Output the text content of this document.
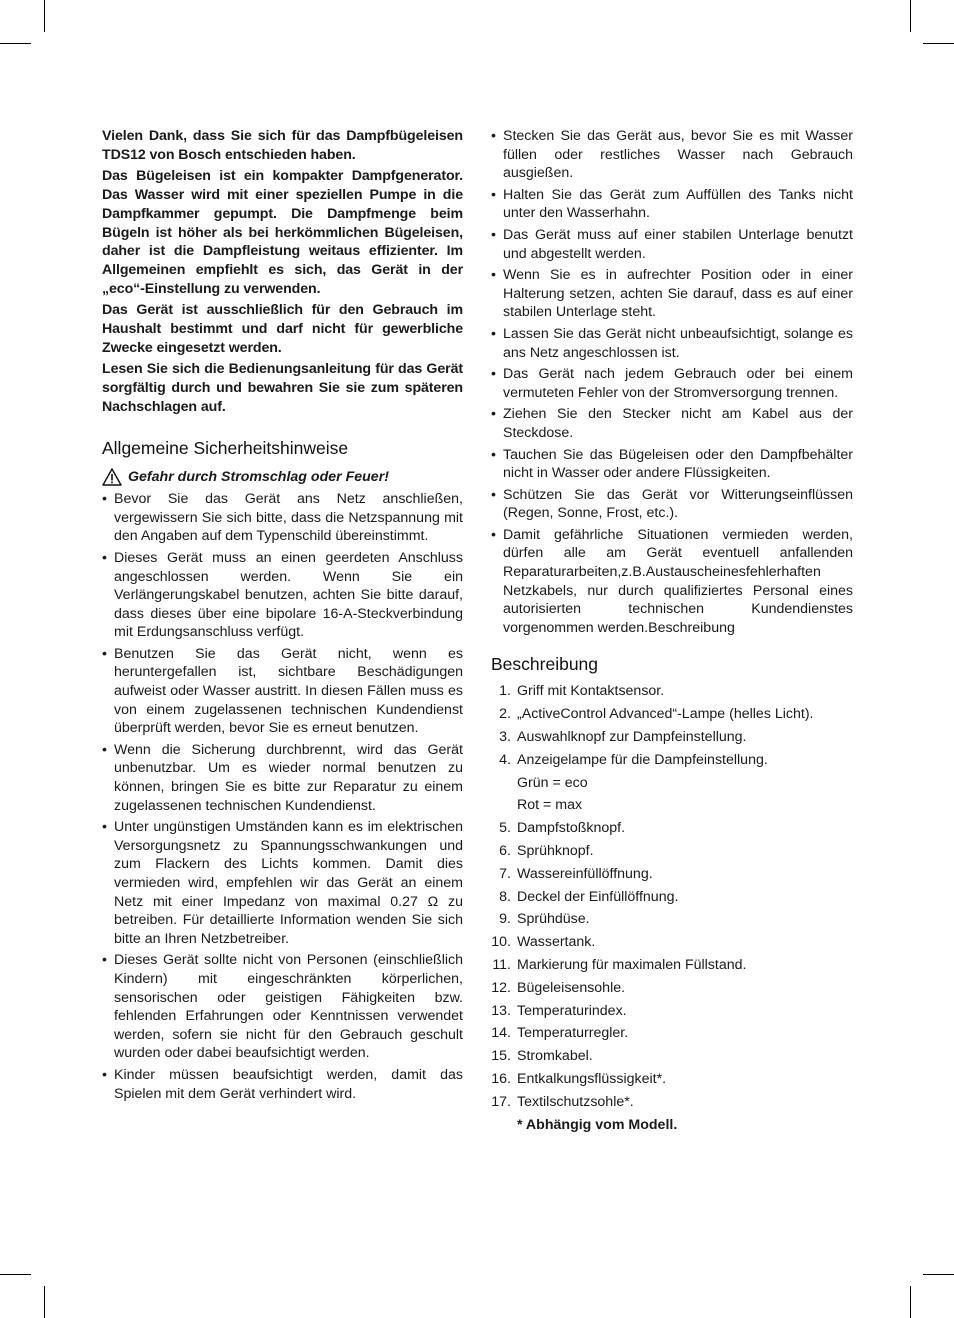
Vielen Dank, dass Sie sich für das Dampfbügeleisen TDS12 von Bosch entschieden haben.

Das Bügeleisen ist ein kompakter Dampfgenerator. Das Wasser wird mit einer speziellen Pumpe in die Dampfkammer gepumpt. Die Dampfmenge beim Bügeln ist höher als bei herkömmlichen Bügeleisen, daher ist die Dampfleistung weitaus effizienter. Im Allgemeinen empfiehlt es sich, das Gerät in der „eco“-Einstellung zu verwenden.

Das Gerät ist ausschließlich für den Gebrauch im Haushalt bestimmt und darf nicht für gewerbliche Zwecke eingesetzt werden.

Lesen Sie sich die Bedienungsanleitung für das Gerät sorgfältig durch und bewahren Sie sie zum späteren Nachschlagen auf.

Allgemeine Sicherheitshinweise
Gefahr durch Stromschlag oder Feuer!
• Bevor Sie das Gerät ans Netz anschließen, vergewissern Sie sich bitte, dass die Netzspannung mit den Angaben auf dem Typenschild übereinstimmt.
• Dieses Gerät muss an einen geerdeten Anschluss angeschlossen werden. Wenn Sie ein Verlängerungskabel benutzen, achten Sie bitte darauf, dass dieses über eine bipolare 16-A-Steckverbindung mit Erdungsanschluss verfügt.
• Benutzen Sie das Gerät nicht, wenn es heruntergefallen ist, sichtbare Beschädigungen aufweist oder Wasser austritt. In diesen Fällen muss es von einem zugelassenen technischen Kundendienst überprüft werden, bevor Sie es erneut benutzen.
• Wenn die Sicherung durchbrennt, wird das Gerät unbenutzbar. Um es wieder normal benutzen zu können, bringen Sie es bitte zur Reparatur zu einem zugelassenen technischen Kundendienst.
• Unter ungünstigen Umständen kann es im elektrischen Versorgungsnetz zu Spannungsschwankungen und zum Flackern des Lichts kommen. Damit dies vermieden wird, empfehlen wir das Gerät an einem Netz mit einer Impedanz von maximal 0.27 Ω zu betreiben. Für detaillierte Information wenden Sie sich bitte an Ihren Netzbetreiber.
• Dieses Gerät sollte nicht von Personen (einschließlich Kindern) mit eingeschränkten körperlichen, sensorischen oder geistigen Fähigkeiten bzw. fehlenden Erfahrungen oder Kenntnissen verwendet werden, sofern sie nicht für den Gebrauch geschult wurden oder dabei beaufsichtigt werden.
• Kinder müssen beaufsichtigt werden, damit das Spielen mit dem Gerät verhindert wird.
• Stecken Sie das Gerät aus, bevor Sie es mit Wasser füllen oder restliches Wasser nach Gebrauch ausgießen.
• Halten Sie das Gerät zum Auffüllen des Tanks nicht unter den Wasserhahn.
• Das Gerät muss auf einer stabilen Unterlage benutzt und abgestellt werden.
• Wenn Sie es in aufrechter Position oder in einer Halterung setzen, achten Sie darauf, dass es auf einer stabilen Unterlage steht.
• Lassen Sie das Gerät nicht unbeaufsichtigt, solange es ans Netz angeschlossen ist.
• Das Gerät nach jedem Gebrauch oder bei einem vermuteten Fehler von der Stromversorgung trennen.
• Ziehen Sie den Stecker nicht am Kabel aus der Steckdose.
• Tauchen Sie das Bügeleisen oder den Dampfbehälter nicht in Wasser oder andere Flüssigkeiten.
• Schützen Sie das Gerät vor Witterungseinflüssen (Regen, Sonne, Frost, etc.).
• Damit gefährliche Situationen vermieden werden, dürfen alle am Gerät eventuell anfallenden Reparaturarbeiten,z.B.Austauscheinesfehlerhaften Netzkabels, nur durch qualifiziertes Personal eines autorisierten technischen Kundendienstes vorgenommen werden.Beschreibung
Beschreibung
1. Griff mit Kontaktsensor.
2. „ActiveControl Advanced“-Lampe (helles Licht).
3. Auswahlknopf zur Dampfeinstellung.
4. Anzeigelampe für die Dampfeinstellung.
Grün = eco
Rot = max
5. Dampfstoßknopf.
6. Sprühknopf.
7. Wassereinfüllöffnung.
8. Deckel der Einfüllöffnung.
9. Sprühdüse.
10. Wassertank.
11. Markierung für maximalen Füllstand.
12. Bügeleisensohle.
13. Temperaturindex.
14. Temperaturregler.
15. Stromkabel.
16. Entkalkungsflüssigkeit*.
17. Textilschutzsohle*.
* Abhängig vom Modell.
